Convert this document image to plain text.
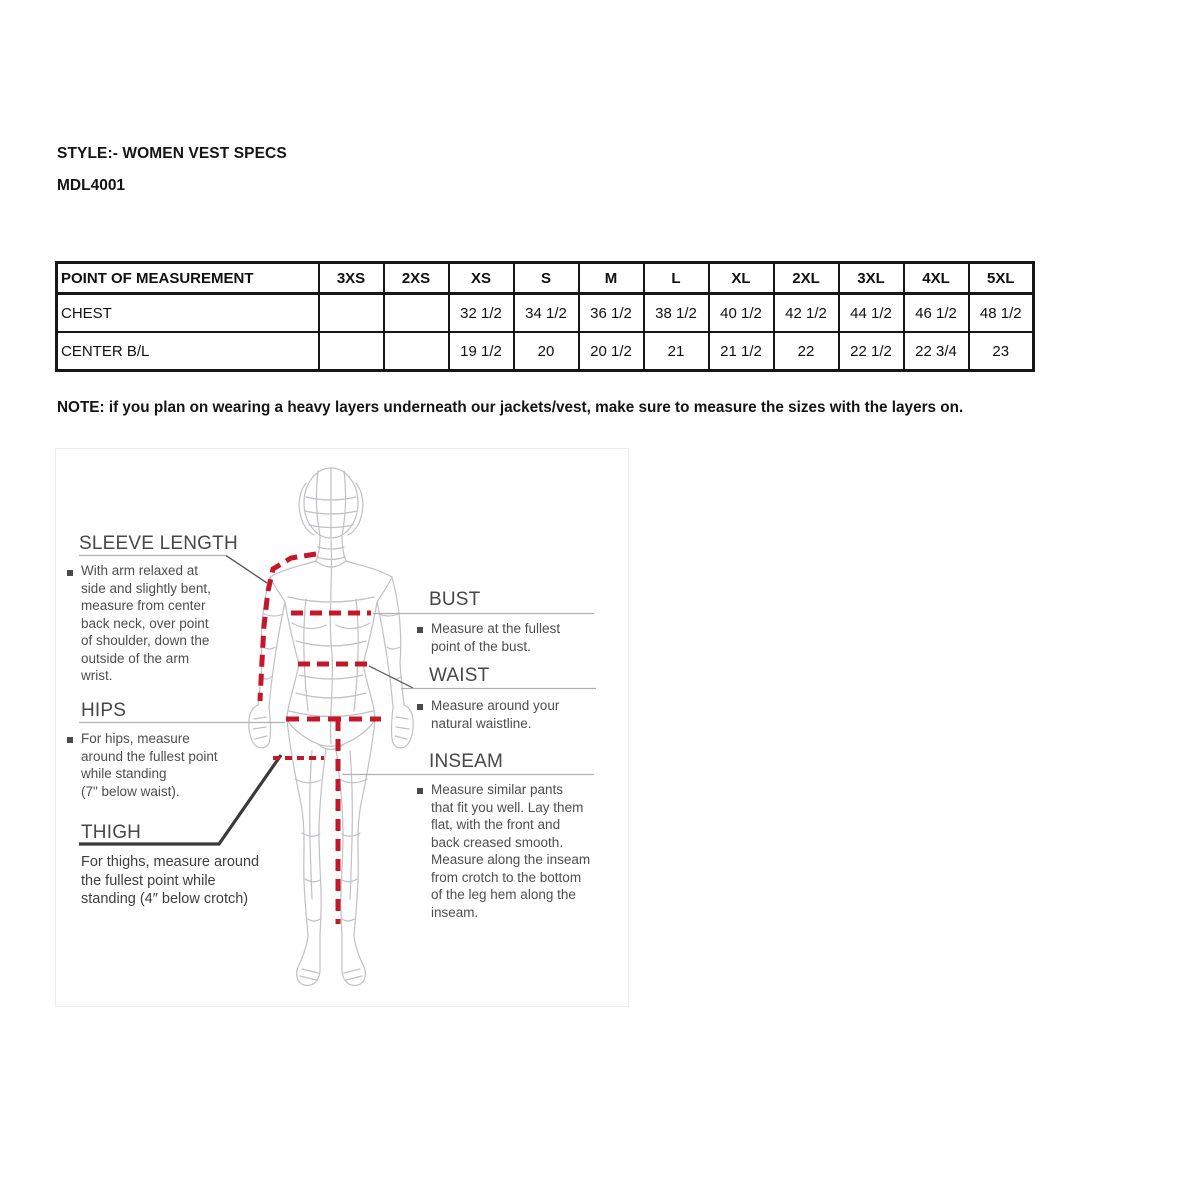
STYLE:- WOMEN VEST SPECS
MDL4001
POINT OF MEASUREMENT	3XS	2XS	XS	S	M	L	XL	2XL	3XL	4XL	5XL
CHEST			32 1/2	34 1/2	36 1/2	38 1/2	40 1/2	42 1/2	44 1/2	46 1/2	48 1/2
CENTER B/L			19 1/2	20	20 1/2	21	21 1/2	22	22 1/2	22 3/4	23
NOTE: if you plan on wearing a heavy layers underneath our jackets/vest, make sure to measure the sizes with the layers on.
SLEEVE LENGTH
HIPS
THIGH
BUST
WAIST
INSEAM
With arm relaxed at
side and slightly bent,
measure from center
back neck, over point
of shoulder, down the
outside of the arm
wrist.
For hips, measure
around the fullest point
while standing
(7" below waist).
For thighs, measure around
the fullest point while
standing (4″ below crotch)
Measure at the fullest
point of the bust.
Measure around your
natural waistline.
Measure similar pants
that fit you well. Lay them
flat, with the front and
back creased smooth.
Measure along the inseam
from crotch to the bottom
of the leg hem along the
inseam.
